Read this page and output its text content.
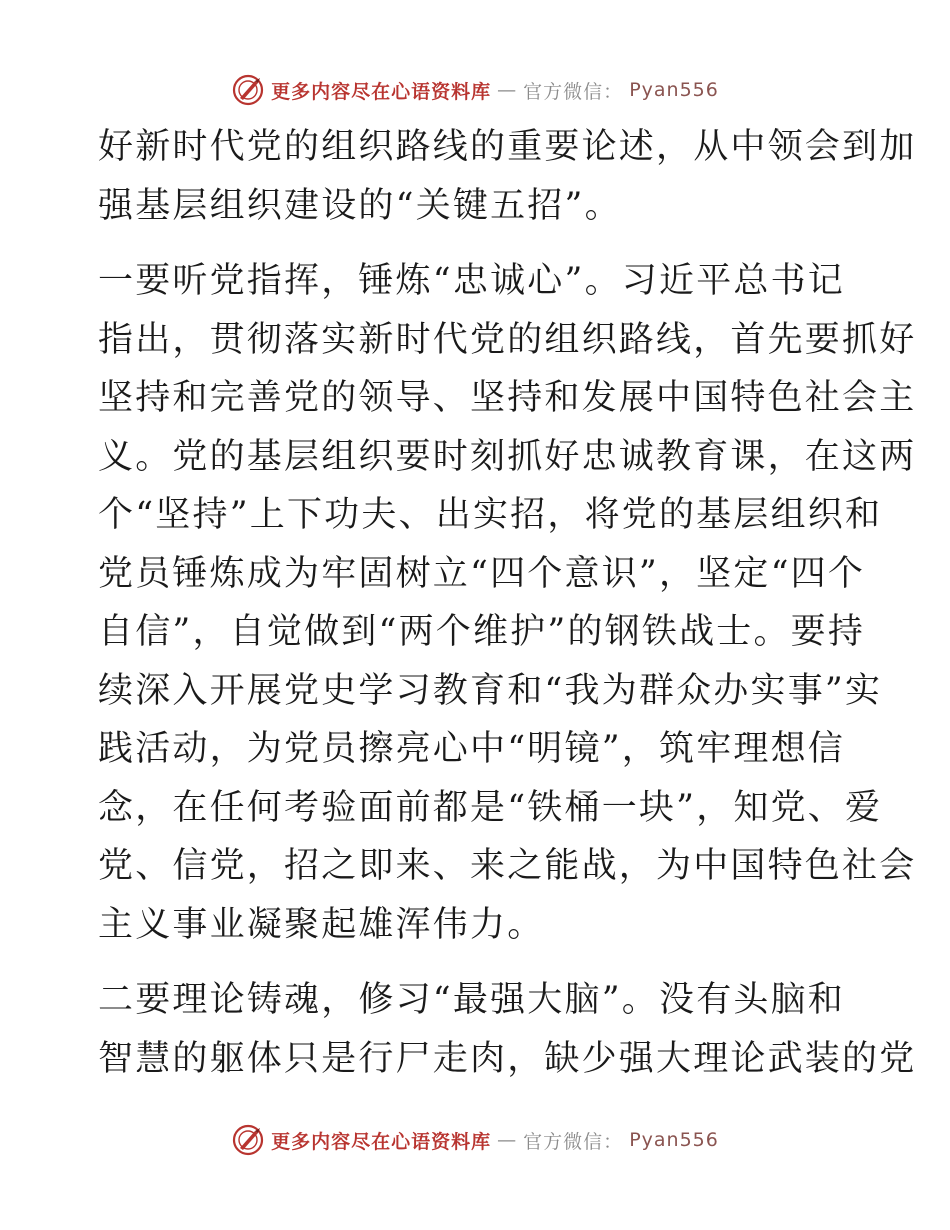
更多内容尽在心语资料库 — 官方微信： Pyan556

好新时代党的组织路线的重要论述，从中领会到加
强基层组织建设的“关键五招”。

一要听党指挥，锤炼“忠诚心”。习近平总书记
指出，贯彻落实新时代党的组织路线，首先要抓好
坚持和完善党的领导、坚持和发展中国特色社会主
义。党的基层组织要时刻抓好忠诚教育课，在这两
个“坚持”上下功夫、出实招，将党的基层组织和
党员锤炼成为牢固树立“四个意识”，坚定“四个
自信”，自觉做到“两个维护”的钢铁战士。要持
续深入开展党史学习教育和“我为群众办实事”实
践活动，为党员擦亮心中“明镜”，筑牢理想信
念，在任何考验面前都是“铁桶一块”，知党、爱
党、信党，招之即来、来之能战，为中国特色社会
主义事业凝聚起雄浑伟力。

二要理论铸魂，修习“最强大脑”。没有头脑和
智慧的躯体只是行尸走肉，缺少强大理论武装的党

更多内容尽在心语资料库 — 官方微信： Pyan556
